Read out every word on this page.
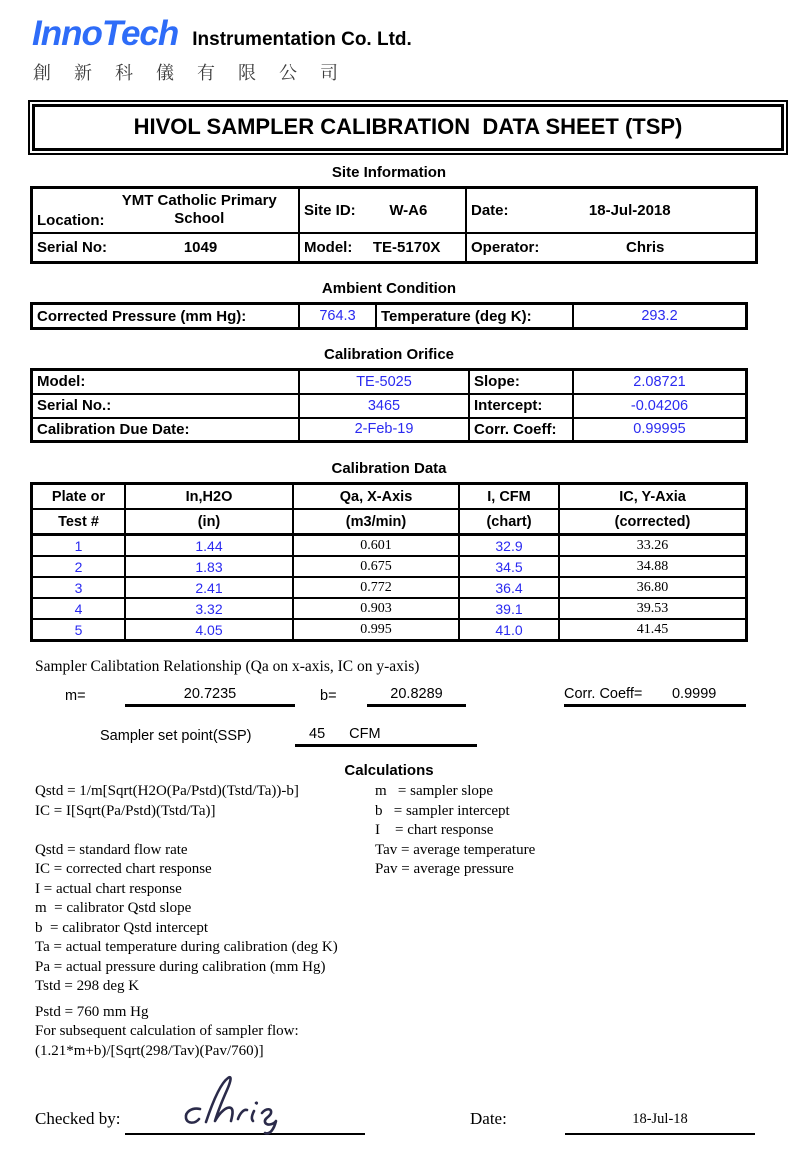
InnoTech Instrumentation Co. Ltd.
創 新 科 儀 有 限 公 司
HIVOL SAMPLER CALIBRATION  DATA SHEET (TSP)
Site Information
Location:
YMT Catholic Primary School	Site ID: W-A6	Date: 18-Jul-2018

Serial No: 1049	Model: TE-5170X	Operator: Chris
Ambient Condition
Corrected Pressure (mm Hg):	764.3	Temperature (deg K):	293.2
Calibration Orifice
Model:	TE-5025	Slope:	2.08721
Serial No.:	3465	Intercept:	-0.04206
Calibration Due Date:	2-Feb-19	Corr. Coeff:	0.99995
Calibration Data
Plate or	In,H2O	Qa, X-Axis	I, CFM	IC, Y-Axia
Test #	(in)	(m3/min)	(chart)	(corrected)
1	1.44	0.601	32.9	33.26
2	1.83	0.675	34.5	34.88
3	2.41	0.772	36.4	36.80
4	3.32	0.903	39.1	39.53
5	4.05	0.995	41.0	41.45
Sampler Calibtation Relationship (Qa on x-axis, IC on y-axis)
m=	20.7235	b=	20.8289	Corr. Coeff=	0.9999
Sampler set point(SSP)	45 CFM
Calculations
m   = sampler slope
b   = sampler intercept
I    = chart response
Tav = average temperature
Pav = average pressure
Qstd = 1/m[Sqrt(H2O(Pa/Pstd)(Tstd/Ta))-b]
IC = I[Sqrt(Pa/Pstd)(Tstd/Ta)]
Qstd = standard flow rate
IC = corrected chart response
I = actual chart response
m  = calibrator Qstd slope
b  = calibrator Qstd intercept
Ta = actual temperature during calibration (deg K)
Pa = actual pressure during calibration (mm Hg)
Tstd = 298 deg K
Pstd = 760 mm Hg
For subsequent calculation of sampler flow:
(1.21*m+b)/[Sqrt(298/Tav)(Pav/760)]
Checked by:	Date:	18-Jul-18
